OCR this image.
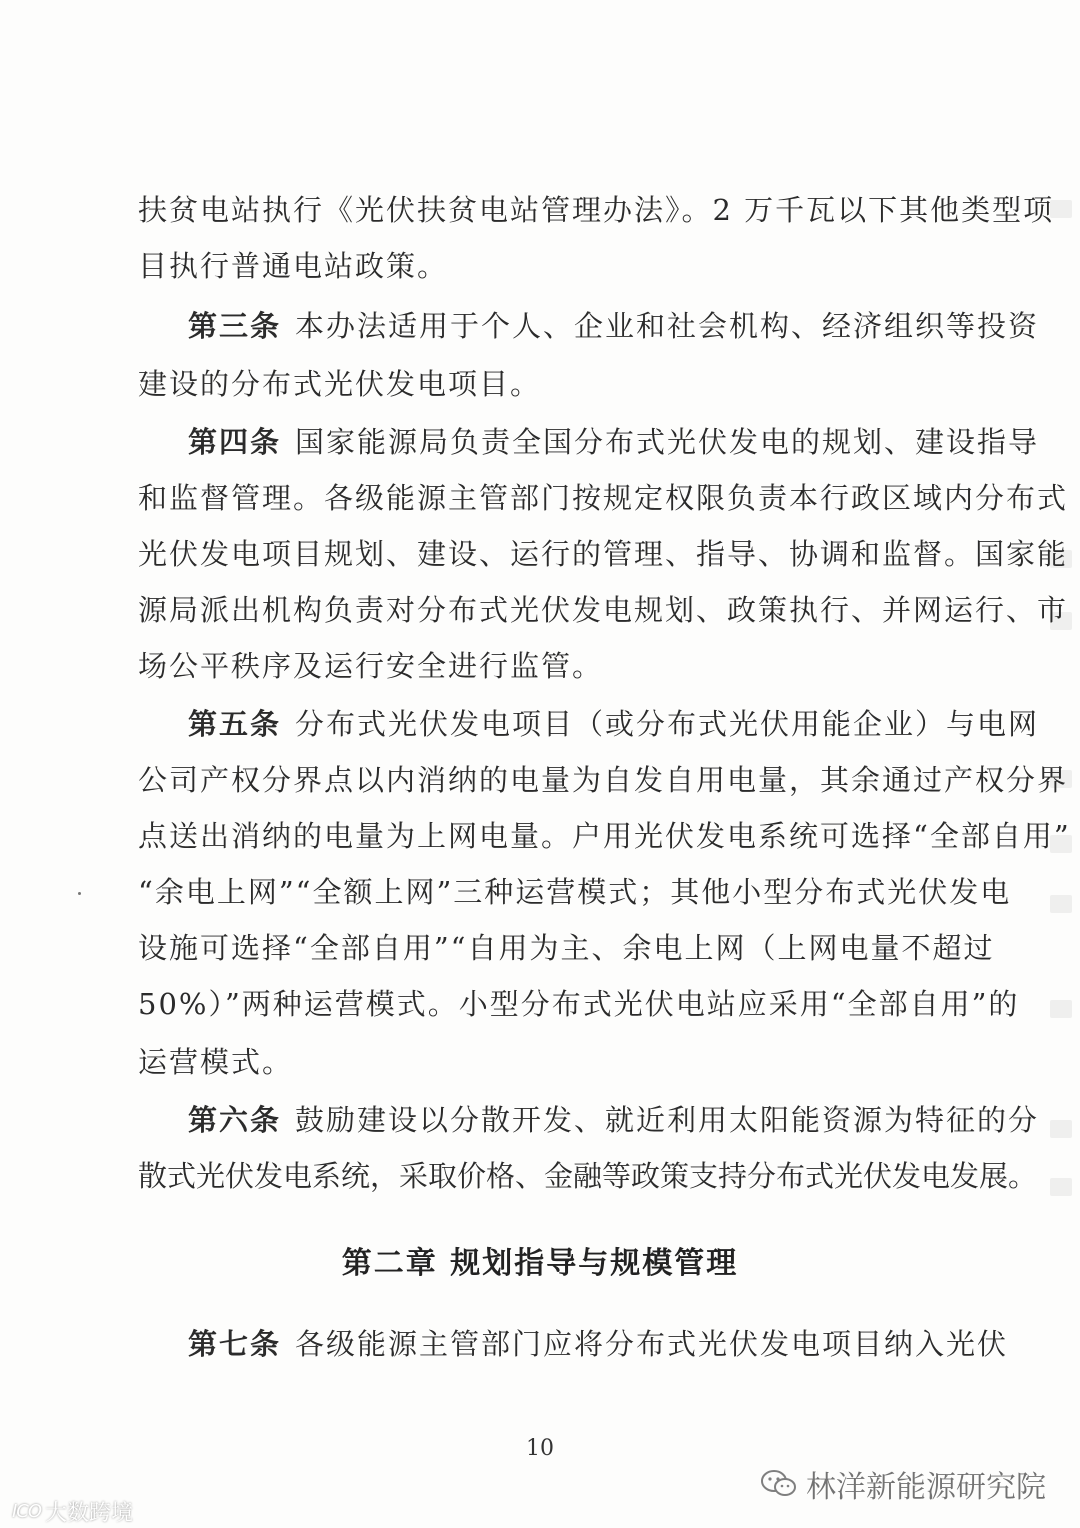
扶贫电站执行《光伏扶贫电站管理办法》。2 万千瓦以下其他类型项
目执行普通电站政策。
第三条 本办法适用于个人、企业和社会机构、经济组织等投资
建设的分布式光伏发电项目。
第四条 国家能源局负责全国分布式光伏发电的规划、建设指导
和监督管理。各级能源主管部门按规定权限负责本行政区域内分布式
光伏发电项目规划、建设、运行的管理、指导、协调和监督。国家能
源局派出机构负责对分布式光伏发电规划、政策执行、并网运行、市
场公平秩序及运行安全进行监管。
第五条 分布式光伏发电项目（或分布式光伏用能企业）与电网
公司产权分界点以内消纳的电量为自发自用电量，其余通过产权分界
点送出消纳的电量为上网电量。户用光伏发电系统可选择“全部自用”
“余电上网”“全额上网”三种运营模式；其他小型分布式光伏发电
设施可选择“全部自用”“自用为主、余电上网（上网电量不超过
50%）”两种运营模式。小型分布式光伏电站应采用“全部自用”的
运营模式。
第六条 鼓励建设以分散开发、就近利用太阳能资源为特征的分
散式光伏发电系统，采取价格、金融等政策支持分布式光伏发电发展。
第二章 规划指导与规模管理
第七条 各级能源主管部门应将分布式光伏发电项目纳入光伏
10
林洋新能源研究院
ICO 大数跨境
